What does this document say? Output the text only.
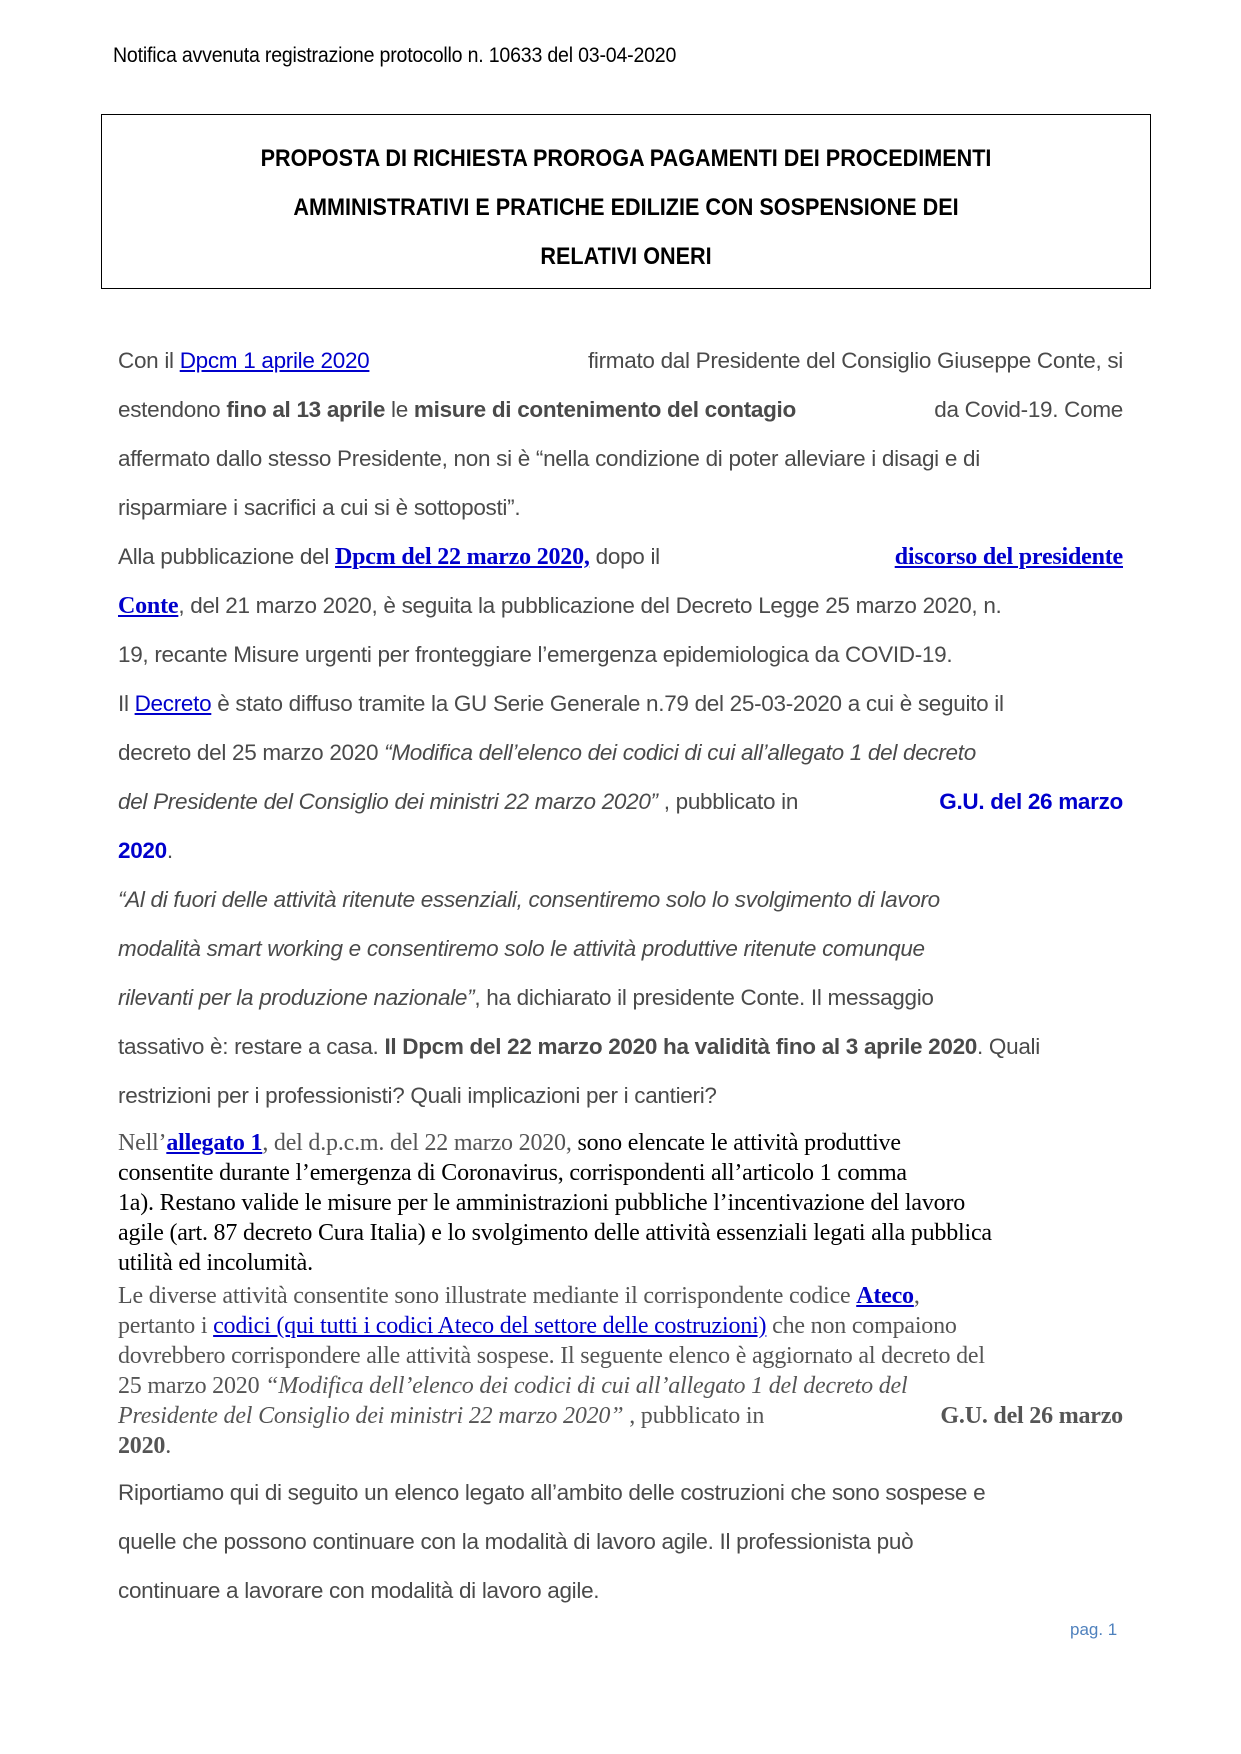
Notifica avvenuta registrazione protocollo n. 10633 del 03-04-2020
PROPOSTA DI RICHIESTA PROROGA PAGAMENTI DEI PROCEDIMENTI
AMMINISTRATIVI E PRATICHE EDILIZIE CON SOSPENSIONE DEI
RELATIVI ONERI
Con il Dpcm 1 aprile 2020	firmato dal Presidente del Consiglio Giuseppe Conte, si
estendono fino al 13 aprile le misure di contenimento del contagio	da Covid-19. Come
affermato dallo stesso Presidente, non si è “nella condizione di poter alleviare i disagi e di
risparmiare i sacrifici a cui si è sottoposti”.
Alla pubblicazione del Dpcm del 22 marzo 2020, dopo il	discorso del presidente
Conte, del 21 marzo 2020, è seguita la pubblicazione del Decreto Legge 25 marzo 2020, n.
19, recante Misure urgenti per fronteggiare l’emergenza epidemiologica da COVID-19.
Il Decreto è stato diffuso tramite la GU Serie Generale n.79 del 25-03-2020 a cui è seguito il
decreto del 25 marzo 2020 “Modifica dell’elenco dei codici di cui all’allegato 1 del decreto
del Presidente del Consiglio dei ministri 22 marzo 2020” , pubblicato in	G.U. del 26 marzo
2020.
“Al di fuori delle attività ritenute essenziali, consentiremo solo lo svolgimento di lavoro
modalità smart working e consentiremo solo le attività produttive ritenute comunque
rilevanti per la produzione nazionale”, ha dichiarato il presidente Conte. Il messaggio
tassativo è: restare a casa. Il Dpcm del 22 marzo 2020 ha validità fino al 3 aprile 2020. Quali
restrizioni per i professionisti? Quali implicazioni per i cantieri?
Nell’allegato 1, del d.p.c.m. del 22 marzo 2020, sono elencate le attività produttive
consentite durante l’emergenza di Coronavirus, corrispondenti all’articolo 1 comma
1a). Restano valide le misure per le amministrazioni pubbliche l’incentivazione del lavoro
agile (art. 87 decreto Cura Italia) e lo svolgimento delle attività essenziali legati alla pubblica
utilità ed incolumità.
Le diverse attività consentite sono illustrate mediante il corrispondente codice Ateco,
pertanto i codici (qui tutti i codici Ateco del settore delle costruzioni) che non compaiono
dovrebbero corrispondere alle attività sospese. Il seguente elenco è aggiornato al decreto del
25 marzo 2020 “Modifica dell’elenco dei codici di cui all’allegato 1 del decreto del
Presidente del Consiglio dei ministri 22 marzo 2020” , pubblicato in	G.U. del 26 marzo
2020.
Riportiamo qui di seguito un elenco legato all’ambito delle costruzioni che sono sospese e
quelle che possono continuare con la modalità di lavoro agile. Il professionista può
continuare a lavorare con modalità di lavoro agile.
pag. 1
